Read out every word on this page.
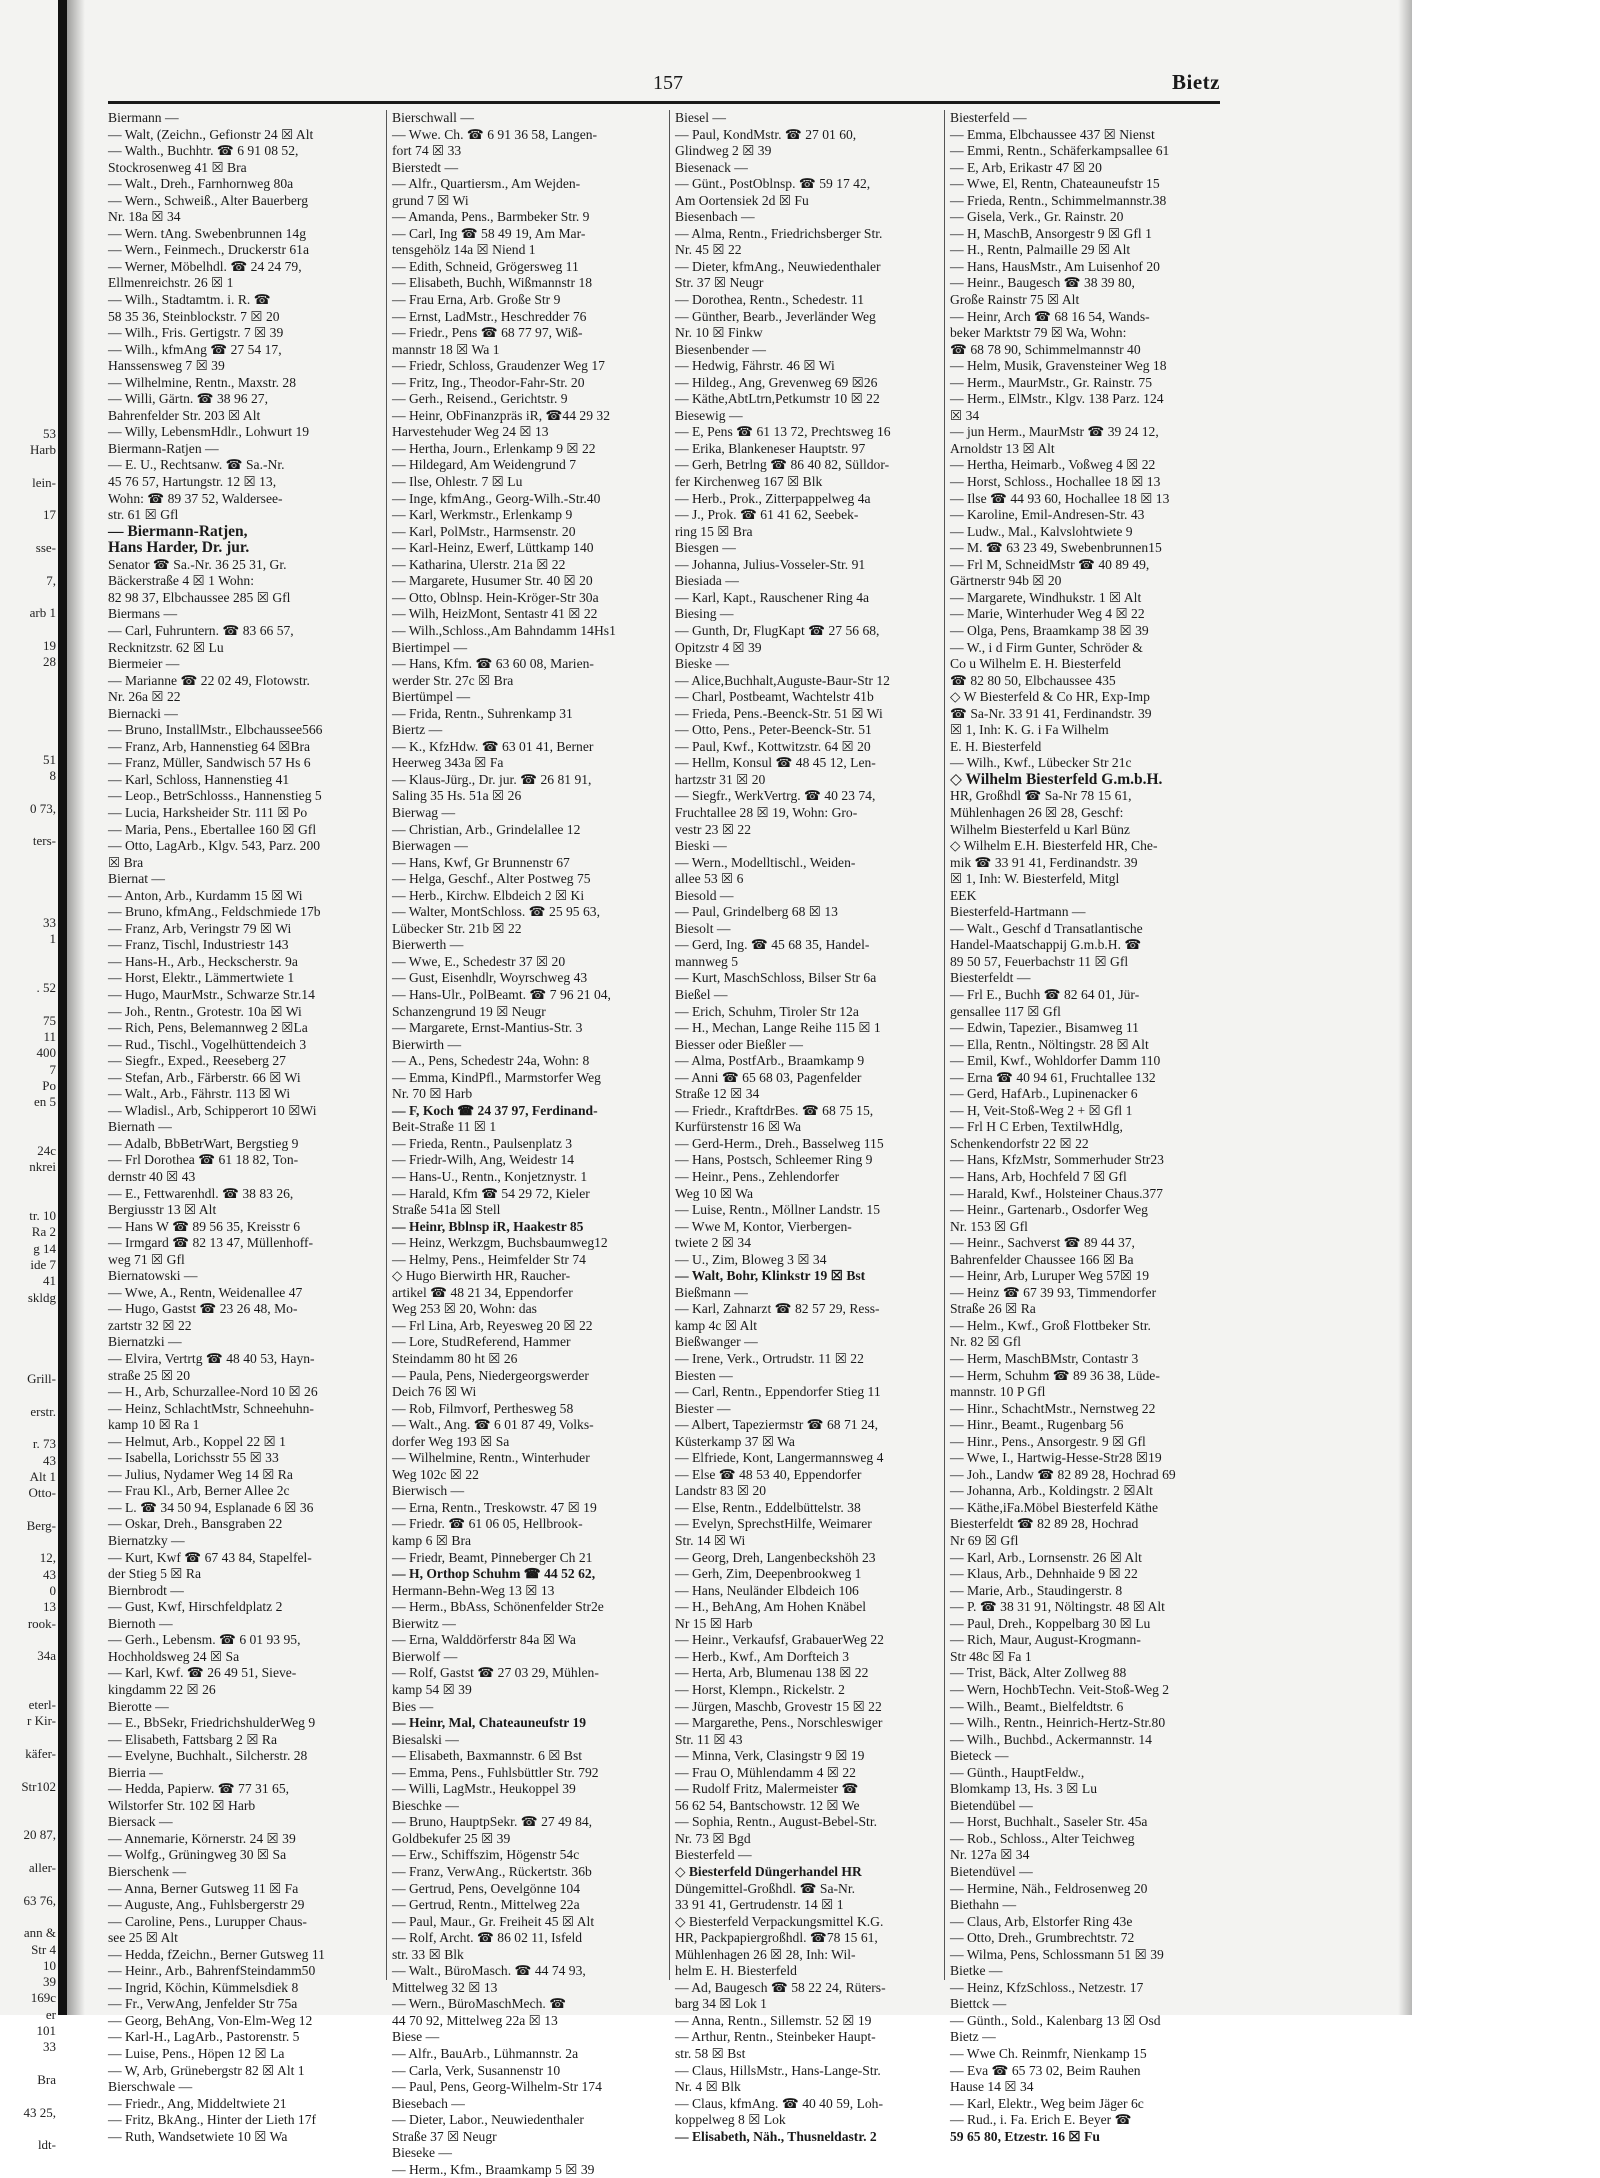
53
Harb

lein-

17

sse-

7,

arb 1

19
28

51
8

0 73,

ters-

33
1

. 52

75
11
400
7
Po
en 5

24c
nkrei

tr. 10
Ra 2
g 14
ide 7
41
skldg

Grill-

erstr.

r. 73
43
Alt 1
Otto-

Berg-

12,
43
0
13
rook-

34a

eterl-
r Kir-

käfer-

Str102

20 87,

aller-

63 76,

ann &
Str 4
10
39
169c
er
101
33

Bra

43 25,

ldt-

157	Bietz
Biermann —
— Walt, (Zeichn., Gefionstr 24 ☒ Alt
— Walth., Buchhtr. ☎ 6 91 08 52,
Stockrosenweg 41 ☒ Bra
— Walt., Dreh., Farnhornweg 80a
— Wern., Schweiß., Alter Bauerberg
Nr. 18a ☒ 34
— Wern. tAng. Swebenbrunnen 14g
— Wern., Feinmech., Druckerstr 61a
— Werner, Möbelhdl. ☎ 24 24 79,
Ellmenreichstr. 26 ☒ 1
— Wilh., Stadtamtm. i. R. ☎
58 35 36, Steinblockstr. 7 ☒ 20
— Wilh., Fris. Gertigstr. 7 ☒ 39
— Wilh., kfmAng ☎ 27 54 17,
Hanssensweg 7 ☒ 39
— Wilhelmine, Rentn., Maxstr. 28
— Willi, Gärtn. ☎ 38 96 27,
Bahrenfelder Str. 203 ☒ Alt
— Willy, LebensmHdlr., Lohwurt 19
Biermann-Ratjen —
— E. U., Rechtsanw. ☎ Sa.-Nr.
45 76 57, Hartungstr. 12 ☒ 13,
Wohn: ☎ 89 37 52, Waldersee-
str. 61 ☒ Gfl
— Biermann-Ratjen,
Hans Harder, Dr. jur.
Senator ☎ Sa.-Nr. 36 25 31, Gr.
Bäckerstraße 4 ☒ 1 Wohn:
82 98 37, Elbchaussee 285 ☒ Gfl
Biermans —
— Carl, Fuhruntern. ☎ 83 66 57,
Recknitzstr. 62 ☒ Lu
Biermeier —
— Marianne ☎ 22 02 49, Flotowstr.
Nr. 26a ☒ 22
Biernacki —
— Bruno, InstallMstr., Elbchaussee566
— Franz, Arb, Hannenstieg 64 ☒Bra
— Franz, Müller, Sandwisch 57 Hs 6
— Karl, Schloss, Hannenstieg 41
— Leop., BetrSchlosss., Hannenstieg 5
— Lucia, Harksheider Str. 111 ☒ Po
— Maria, Pens., Ebertallee 160 ☒ Gfl
— Otto, LagArb., Klgv. 543, Parz. 200
☒ Bra
Biernat —
— Anton, Arb., Kurdamm 15 ☒ Wi
— Bruno, kfmAng., Feldschmiede 17b
— Franz, Arb, Veringstr 79 ☒ Wi
— Franz, Tischl, Industriestr 143
— Hans-H., Arb., Heckscherstr. 9a
— Horst, Elektr., Lämmertwiete 1
— Hugo, MaurMstr., Schwarze Str.14
— Joh., Rentn., Grotestr. 10a ☒ Wi
— Rich, Pens, Belemannweg 2 ☒La
— Rud., Tischl., Vogelhüttendeich 3
— Siegfr., Exped., Reeseberg 27
— Stefan, Arb., Färberstr. 66 ☒ Wi
— Walt., Arb., Fährstr. 113 ☒ Wi
— Wladisl., Arb, Schipperort 10 ☒Wi
Biernath —
— Adalb, BbBetrWart, Bergstieg 9
— Frl Dorothea ☎ 61 18 82, Ton-
dernstr 40 ☒ 43
— E., Fettwarenhdl. ☎ 38 83 26,
Bergiusstr 13 ☒ Alt
— Hans W ☎ 89 56 35, Kreisstr 6
— Irmgard ☎ 82 13 47, Müllenhoff-
weg 71 ☒ Gfl
Biernatowski —
— Wwe, A., Rentn, Weidenallee 47
— Hugo, Gastst ☎ 23 26 48, Mo-
zartstr 32 ☒ 22
Biernatzki —
— Elvira, Vertrtg ☎ 48 40 53, Hayn-
straße 25 ☒ 20
— H., Arb, Schurzallee-Nord 10 ☒ 26
— Heinz, SchlachtMstr, Schneehuhn-
kamp 10 ☒ Ra 1
— Helmut, Arb., Koppel 22 ☒ 1
— Isabella, Lorichsstr 55 ☒ 33
— Julius, Nydamer Weg 14 ☒ Ra
— Frau Kl., Arb, Berner Allee 2c
— L. ☎ 34 50 94, Esplanade 6 ☒ 36
— Oskar, Dreh., Bansgraben 22
Biernatzky —
— Kurt, Kwf ☎ 67 43 84, Stapelfel-
der Stieg 5 ☒ Ra
Biernbrodt —
— Gust, Kwf, Hirschfeldplatz 2
Biernoth —
— Gerh., Lebensm. ☎ 6 01 93 95,
Hochholdsweg 24 ☒ Sa
— Karl, Kwf. ☎ 26 49 51, Sieve-
kingdamm 22 ☒ 26
Bierotte —
— E., BbSekr, FriedrichshulderWeg 9
— Elisabeth, Fattsbarg 2 ☒ Ra
— Evelyne, Buchhalt., Silcherstr. 28
Bierria —
— Hedda, Papierw. ☎ 77 31 65,
Wilstorfer Str. 102 ☒ Harb
Biersack —
— Annemarie, Körnerstr. 24 ☒ 39
— Wolfg., Grüningweg 30 ☒ Sa
Bierschenk —
— Anna, Berner Gutsweg 11 ☒ Fa
— Auguste, Ang., Fuhlsbergerstr 29
— Caroline, Pens., Lurupper Chaus-
see 25 ☒ Alt
— Hedda, fZeichn., Berner Gutsweg 11
— Heinr., Arb., BahrenfSteindamm50
— Ingrid, Köchin, Kümmelsdiek 8
— Fr., VerwAng, Jenfelder Str 75a
— Georg, BehAng, Von-Elm-Weg 12
— Karl-H., LagArb., Pastorenstr. 5
— Luise, Pens., Höpen 12 ☒ La
— W, Arb, Grünebergstr 82 ☒ Alt 1
Bierschwale —
— Friedr., Ang, Middeltwiete 21
— Fritz, BkAng., Hinter der Lieth 17f
— Ruth, Wandsetwiete 10 ☒ Wa
Bierschwall —
— Wwe. Ch. ☎ 6 91 36 58, Langen-
fort 74 ☒ 33
Bierstedt —
— Alfr., Quartiersm., Am Wejden-
grund 7 ☒ Wi
— Amanda, Pens., Barmbeker Str. 9
— Carl, Ing ☎ 58 49 19, Am Mar-
tensgehölz 14a ☒ Niend 1
— Edith, Schneid, Grögersweg 11
— Elisabeth, Buchh, Wißmannstr 18
— Frau Erna, Arb. Große Str 9
— Ernst, LadMstr., Heschredder 76
— Friedr., Pens ☎ 68 77 97, Wiß-
mannstr 18 ☒ Wa 1
— Friedr, Schloss, Graudenzer Weg 17
— Fritz, Ing., Theodor-Fahr-Str. 20
— Gerh., Reisend., Gerichtstr. 9
— Heinr, ObFinanzpräs iR, ☎44 29 32
Harvestehuder Weg 24 ☒ 13
— Hertha, Journ., Erlenkamp 9 ☒ 22
— Hildegard, Am Weidengrund 7
— Ilse, Ohlestr. 7 ☒ Lu
— Inge, kfmAng., Georg-Wilh.-Str.40
— Karl, Werkmstr., Erlenkamp 9
— Karl, PolMstr., Harmsenstr. 20
— Karl-Heinz, Ewerf, Lüttkamp 140
— Katharina, Ulerstr. 21a ☒ 22
— Margarete, Husumer Str. 40 ☒ 20
— Otto, Oblnsp. Hein-Kröger-Str 30a
— Wilh, HeizMont, Sentastr 41 ☒ 22
— Wilh.,Schloss.,Am Bahndamm 14Hs1
Biertimpel —
— Hans, Kfm. ☎ 63 60 08, Marien-
werder Str. 27c ☒ Bra
Biertümpel —
— Frida, Rentn., Suhrenkamp 31
Biertz —
— K., KfzHdw. ☎ 63 01 41, Berner
Heerweg 343a ☒ Fa
— Klaus-Jürg., Dr. jur. ☎ 26 81 91,
Saling 35 Hs. 51a ☒ 26
Bierwag —
— Christian, Arb., Grindelallee 12
Bierwagen —
— Hans, Kwf, Gr Brunnenstr 67
— Helga, Geschf., Alter Postweg 75
— Herb., Kirchw. Elbdeich 2 ☒ Ki
— Walter, MontSchloss. ☎ 25 95 63,
Lübecker Str. 21b ☒ 22
Bierwerth —
— Wwe, E., Schedestr 37 ☒ 20
— Gust, Eisenhdlr, Woyrschweg 43
— Hans-Ulr., PolBeamt. ☎ 7 96 21 04,
Schanzengrund 19 ☒ Neugr
— Margarete, Ernst-Mantius-Str. 3
Bierwirth —
— A., Pens, Schedestr 24a, Wohn: 8
— Emma, KindPfl., Marmstorfer Weg
Nr. 70 ☒ Harb
— F, Koch ☎ 24 37 97, Ferdinand-
Beit-Straße 11 ☒ 1
— Frieda, Rentn., Paulsenplatz 3
— Friedr-Wilh, Ang, Weidestr 14
— Hans-U., Rentn., Konjetznystr. 1
— Harald, Kfm ☎ 54 29 72, Kieler
Straße 541a ☒ Stell
— Heinr, Bblnsp iR, Haakestr 85
— Heinz, Werkzgm, Buchsbaumweg12
— Helmy, Pens., Heimfelder Str 74
◇ Hugo Bierwirth HR, Raucher-
artikel ☎ 48 21 34, Eppendorfer
Weg 253 ☒ 20, Wohn: das
— Frl Lina, Arb, Reyesweg 20 ☒ 22
— Lore, StudReferend, Hammer
Steindamm 80 ht ☒ 26
— Paula, Pens, Niedergeorgswerder
Deich 76 ☒ Wi
— Rob, Filmvorf, Perthesweg 58
— Walt., Ang. ☎ 6 01 87 49, Volks-
dorfer Weg 193 ☒ Sa
— Wilhelmine, Rentn., Winterhuder
Weg 102c ☒ 22
Bierwisch —
— Erna, Rentn., Treskowstr. 47 ☒ 19
— Friedr. ☎ 61 06 05, Hellbrook-
kamp 6 ☒ Bra
— Friedr, Beamt, Pinneberger Ch 21
— H, Orthop Schuhm ☎ 44 52 62,
Hermann-Behn-Weg 13 ☒ 13
— Herm., BbAss, Schönenfelder Str2e
Bierwitz —
— Erna, Walddörferstr 84a ☒ Wa
Bierwolf —
— Rolf, Gastst ☎ 27 03 29, Mühlen-
kamp 54 ☒ 39
Bies —
— Heinr, Mal, Chateauneufstr 19
Biesalski —
— Elisabeth, Baxmannstr. 6 ☒ Bst
— Emma, Pens., Fuhlsbüttler Str. 792
— Willi, LagMstr., Heukoppel 39
Bieschke —
— Bruno, HauptpSekr. ☎ 27 49 84,
Goldbekufer 25 ☒ 39
— Erw., Schiffszim, Högenstr 54c
— Franz, VerwAng., Rückertstr. 36b
— Gertrud, Pens, Oevelgönne 104
— Gertrud, Rentn., Mittelweg 22a
— Paul, Maur., Gr. Freiheit 45 ☒ Alt
— Rolf, Archt. ☎ 86 02 11, Isfeld
str. 33 ☒ Blk
— Walt., BüroMasch. ☎ 44 74 93,
Mittelweg 32 ☒ 13
— Wern., BüroMaschMech. ☎
44 70 92, Mittelweg 22a ☒ 13
Biese —
— Alfr., BauArb., Lühmannstr. 2a
— Carla, Verk, Susannenstr 10
— Paul, Pens, Georg-Wilhelm-Str 174
Biesebach —
— Dieter, Labor., Neuwiedenthaler
Straße 37 ☒ Neugr
Bieseke —
— Herm., Kfm., Braamkamp 5 ☒ 39
Biesel —
— Paul, KondMstr. ☎ 27 01 60,
Glindweg 2 ☒ 39
Biesenack —
— Günt., PostOblnsp. ☎ 59 17 42,
Am Oortensiek 2d ☒ Fu
Biesenbach —
— Alma, Rentn., Friedrichsberger Str.
Nr. 45 ☒ 22
— Dieter, kfmAng., Neuwiedenthaler
Str. 37 ☒ Neugr
— Dorothea, Rentn., Schedestr. 11
— Günther, Bearb., Jeverländer Weg
Nr. 10 ☒ Finkw
Biesenbender —
— Hedwig, Fährstr. 46 ☒ Wi
— Hildeg., Ang, Grevenweg 69 ☒26
— Käthe,AbtLtrn,Petkumstr 10 ☒ 22
Biesewig —
— E, Pens ☎ 61 13 72, Prechtsweg 16
— Erika, Blankeneser Hauptstr. 97
— Gerh, Betrlng ☎ 86 40 82, Sülldor-
fer Kirchenweg 167 ☒ Blk
— Herb., Prok., Zitterpappelweg 4a
— J., Prok. ☎ 61 41 62, Seebek-
ring 15 ☒ Bra
Biesgen —
— Johanna, Julius-Vosseler-Str. 91
Biesiada —
— Karl, Kapt., Rauschener Ring 4a
Biesing —
— Gunth, Dr, FlugKapt ☎ 27 56 68,
Opitzstr 4 ☒ 39
Bieske —
— Alice,Buchhalt,Auguste-Baur-Str 12
— Charl, Postbeamt, Wachtelstr 41b
— Frieda, Pens.-Beenck-Str. 51 ☒ Wi
— Otto, Pens., Peter-Beenck-Str. 51
— Paul, Kwf., Kottwitzstr. 64 ☒ 20
— Hellm, Konsul ☎ 48 45 12, Len-
hartzstr 31 ☒ 20
— Siegfr., WerkVertrg. ☎ 40 23 74,
Fruchtallee 28 ☒ 19, Wohn: Gro-
vestr 23 ☒ 22
Bieski —
— Wern., Modelltischl., Weiden-
allee 53 ☒ 6
Biesold —
— Paul, Grindelberg 68 ☒ 13
Biesolt —
— Gerd, Ing. ☎ 45 68 35, Handel-
mannweg 5
— Kurt, MaschSchloss, Bilser Str 6a
Bießel —
— Erich, Schuhm, Tiroler Str 12a
— H., Mechan, Lange Reihe 115 ☒ 1
Biesser oder Bießler —
— Alma, PostfArb., Braamkamp 9
— Anni ☎ 65 68 03, Pagenfelder
Straße 12 ☒ 34
— Friedr., KraftdrBes. ☎ 68 75 15,
Kurfürstenstr 16 ☒ Wa
— Gerd-Herm., Dreh., Basselweg 115
— Hans, Postsch, Schleemer Ring 9
— Heinr., Pens., Zehlendorfer
Weg 10 ☒ Wa
— Luise, Rentn., Möllner Landstr. 15
— Wwe M, Kontor, Vierbergen-
twiete 2 ☒ 34
— U., Zim, Bloweg 3 ☒ 34
— Walt, Bohr, Klinkstr 19 ☒ Bst
Bießmann —
— Karl, Zahnarzt ☎ 82 57 29, Ress-
kamp 4c ☒ Alt
Bießwanger —
— Irene, Verk., Ortrudstr. 11 ☒ 22
Biesten —
— Carl, Rentn., Eppendorfer Stieg 11
Biester —
— Albert, Tapeziermstr ☎ 68 71 24,
Küsterkamp 37 ☒ Wa
— Elfriede, Kont, Langermannsweg 4
— Else ☎ 48 53 40, Eppendorfer
Landstr 83 ☒ 20
— Else, Rentn., Eddelbüttelstr. 38
— Evelyn, SprechstHilfe, Weimarer
Str. 14 ☒ Wi
— Georg, Dreh, Langenbeckshöh 23
— Gerh, Zim, Deepenbrookweg 1
— Hans, Neuländer Elbdeich 106
— H., BehAng, Am Hohen Knäbel
Nr 15 ☒ Harb
— Heinr., Verkaufsf, GrabauerWeg 22
— Herb., Kwf., Am Dorfteich 3
— Herta, Arb, Blumenau 138 ☒ 22
— Horst, Klempn., Rickelstr. 2
— Jürgen, Maschb, Grovestr 15 ☒ 22
— Margarethe, Pens., Norschleswiger
Str. 11 ☒ 43
— Minna, Verk, Clasingstr 9 ☒ 19
— Frau O, Mühlendamm 4 ☒ 22
— Rudolf Fritz, Malermeister ☎
56 62 54, Bantschowstr. 12 ☒ We
— Sophia, Rentn., August-Bebel-Str.
Nr. 73 ☒ Bgd
Biesterfeld —
◇ Biesterfeld Düngerhandel HR
Düngemittel-Großhdl. ☎ Sa-Nr.
33 91 41, Gertrudenstr. 14 ☒ 1
◇ Biesterfeld Verpackungsmittel K.G.
HR, Packpapiergroßhdl. ☎78 15 61,
Mühlenhagen 26 ☒ 28, Inh: Wil-
helm E. H. Biesterfeld
— Ad, Baugesch ☎ 58 22 24, Rüters-
barg 34 ☒ Lok 1
— Anna, Rentn., Sillemstr. 52 ☒ 19
— Arthur, Rentn., Steinbeker Haupt-
str. 58 ☒ Bst
— Claus, HillsMstr., Hans-Lange-Str.
Nr. 4 ☒ Blk
— Claus, kfmAng. ☎ 40 40 59, Loh-
koppelweg 8 ☒ Lok
— Elisabeth, Näh., Thusneldastr. 2
Biesterfeld —
— Emma, Elbchaussee 437 ☒ Nienst
— Emmi, Rentn., Schäferkampsallee 61
— E, Arb, Erikastr 47 ☒ 20
— Wwe, El, Rentn, Chateauneufstr 15
— Frieda, Rentn., Schimmelmannstr.38
— Gisela, Verk., Gr. Rainstr. 20
— H, MaschB, Ansorgestr 9 ☒ Gfl 1
— H., Rentn, Palmaille 29 ☒ Alt
— Hans, HausMstr., Am Luisenhof 20
— Heinr., Baugesch ☎ 38 39 80,
Große Rainstr 75 ☒ Alt
— Heinr, Arch ☎ 68 16 54, Wands-
beker Marktstr 79 ☒ Wa, Wohn:
☎ 68 78 90, Schimmelmannstr 40
— Helm, Musik, Gravensteiner Weg 18
— Herm., MaurMstr., Gr. Rainstr. 75
— Herm., ElMstr., Klgv. 138 Parz. 124
☒ 34
— jun Herm., MaurMstr ☎ 39 24 12,
Arnoldstr 13 ☒ Alt
— Hertha, Heimarb., Voßweg 4 ☒ 22
— Horst, Schloss., Hochallee 18 ☒ 13
— Ilse ☎ 44 93 60, Hochallee 18 ☒ 13
— Karoline, Emil-Andresen-Str. 43
— Ludw., Mal., Kalvslohtwiete 9
— M. ☎ 63 23 49, Swebenbrunnen15
— Frl M, SchneidMstr ☎ 40 89 49,
Gärtnerstr 94b ☒ 20
— Margarete, Windhukstr. 1 ☒ Alt
— Marie, Winterhuder Weg 4 ☒ 22
— Olga, Pens, Braamkamp 38 ☒ 39
— W., i d Firm Gunter, Schröder &
Co u Wilhelm E. H. Biesterfeld
☎ 82 80 50, Elbchaussee 435
◇ W Biesterfeld & Co HR, Exp-Imp
☎ Sa-Nr. 33 91 41, Ferdinandstr. 39
☒ 1, Inh: K. G. i Fa Wilhelm
E. H. Biesterfeld
— Wilh., Kwf., Lübecker Str 21c
◇ Wilhelm Biesterfeld G.m.b.H.
HR, Großhdl ☎ Sa-Nr 78 15 61,
Mühlenhagen 26 ☒ 28, Geschf:
Wilhelm Biesterfeld u Karl Bünz
◇ Wilhelm E.H. Biesterfeld HR, Che-
mik ☎ 33 91 41, Ferdinandstr. 39
☒ 1, Inh: W. Biesterfeld, Mitgl
EEK
Biesterfeld-Hartmann —
— Walt., Geschf d Transatlantische
Handel-Maatschappij G.m.b.H. ☎
89 50 57, Feuerbachstr 11 ☒ Gfl
Biesterfeldt —
— Frl E., Buchh ☎ 82 64 01, Jür-
gensallee 117 ☒ Gfl
— Edwin, Tapezier., Bisamweg 11
— Ella, Rentn., Nöltingstr. 28 ☒ Alt
— Emil, Kwf., Wohldorfer Damm 110
— Erna ☎ 40 94 61, Fruchtallee 132
— Gerd, HafArb., Lupinenacker 6
— H, Veit-Stoß-Weg 2 + ☒ Gfl 1
— Frl H C Erben, TextilwHdlg,
Schenkendorfstr 22 ☒ 22
— Hans, KfzMstr, Sommerhuder Str23
— Hans, Arb, Hochfeld 7 ☒ Gfl
— Harald, Kwf., Holsteiner Chaus.377
— Heinr., Gartenarb., Osdorfer Weg
Nr. 153 ☒ Gfl
— Heinr., Sachverst ☎ 89 44 37,
Bahrenfelder Chaussee 166 ☒ Ba
— Heinr, Arb, Luruper Weg 57☒ 19
— Heinz ☎ 67 39 93, Timmendorfer
Straße 26 ☒ Ra
— Helm., Kwf., Groß Flottbeker Str.
Nr. 82 ☒ Gfl
— Herm, MaschBMstr, Contastr 3
— Herm, Schuhm ☎ 89 36 38, Lüde-
mannstr. 10 P Gfl
— Hinr., SchachtMstr., Nernstweg 22
— Hinr., Beamt., Rugenbarg 56
— Hinr., Pens., Ansorgestr. 9 ☒ Gfl
— Wwe, I., Hartwig-Hesse-Str28 ☒19
— Joh., Landw ☎ 82 89 28, Hochrad 69
— Johanna, Arb., Koldingstr. 2 ☒Alt
— Käthe,iFa.Möbel Biesterfeld Käthe
Biesterfeldt ☎ 82 89 28, Hochrad
Nr 69 ☒ Gfl
— Karl, Arb., Lornsenstr. 26 ☒ Alt
— Klaus, Arb., Dehnhaide 9 ☒ 22
— Marie, Arb., Staudingerstr. 8
— P. ☎ 38 31 91, Nöltingstr. 48 ☒ Alt
— Paul, Dreh., Koppelbarg 30 ☒ Lu
— Rich, Maur, August-Krogmann-
Str 48c ☒ Fa 1
— Trist, Bäck, Alter Zollweg 88
— Wern, HochbTechn. Veit-Stoß-Weg 2
— Wilh., Beamt., Bielfeldtstr. 6
— Wilh., Rentn., Heinrich-Hertz-Str.80
— Wilh., Buchbd., Ackermannstr. 14
Bieteck —
— Günth., HauptFeldw.,
Blomkamp 13, Hs. 3 ☒ Lu
Bietendübel —
— Horst, Buchhalt., Saseler Str. 45a
— Rob., Schloss., Alter Teichweg
Nr. 127a ☒ 34
Bietendüvel —
— Hermine, Näh., Feldrosenweg 20
Biethahn —
— Claus, Arb, Elstorfer Ring 43e
— Otto, Dreh., Grumbrechtstr. 72
— Wilma, Pens, Schlossmann 51 ☒ 39
Bietke —
— Heinz, KfzSchloss., Netzestr. 17
Biettck —
— Günth., Sold., Kalenbarg 13 ☒ Osd
Bietz —
— Wwe Ch. Reinmfr, Nienkamp 15
— Eva ☎ 65 73 02, Beim Rauhen
Hause 14 ☒ 34
— Karl, Elektr., Weg beim Jäger 6c
— Rud., i. Fa. Erich E. Beyer ☎
59 65 80, Etzestr. 16 ☒ Fu
